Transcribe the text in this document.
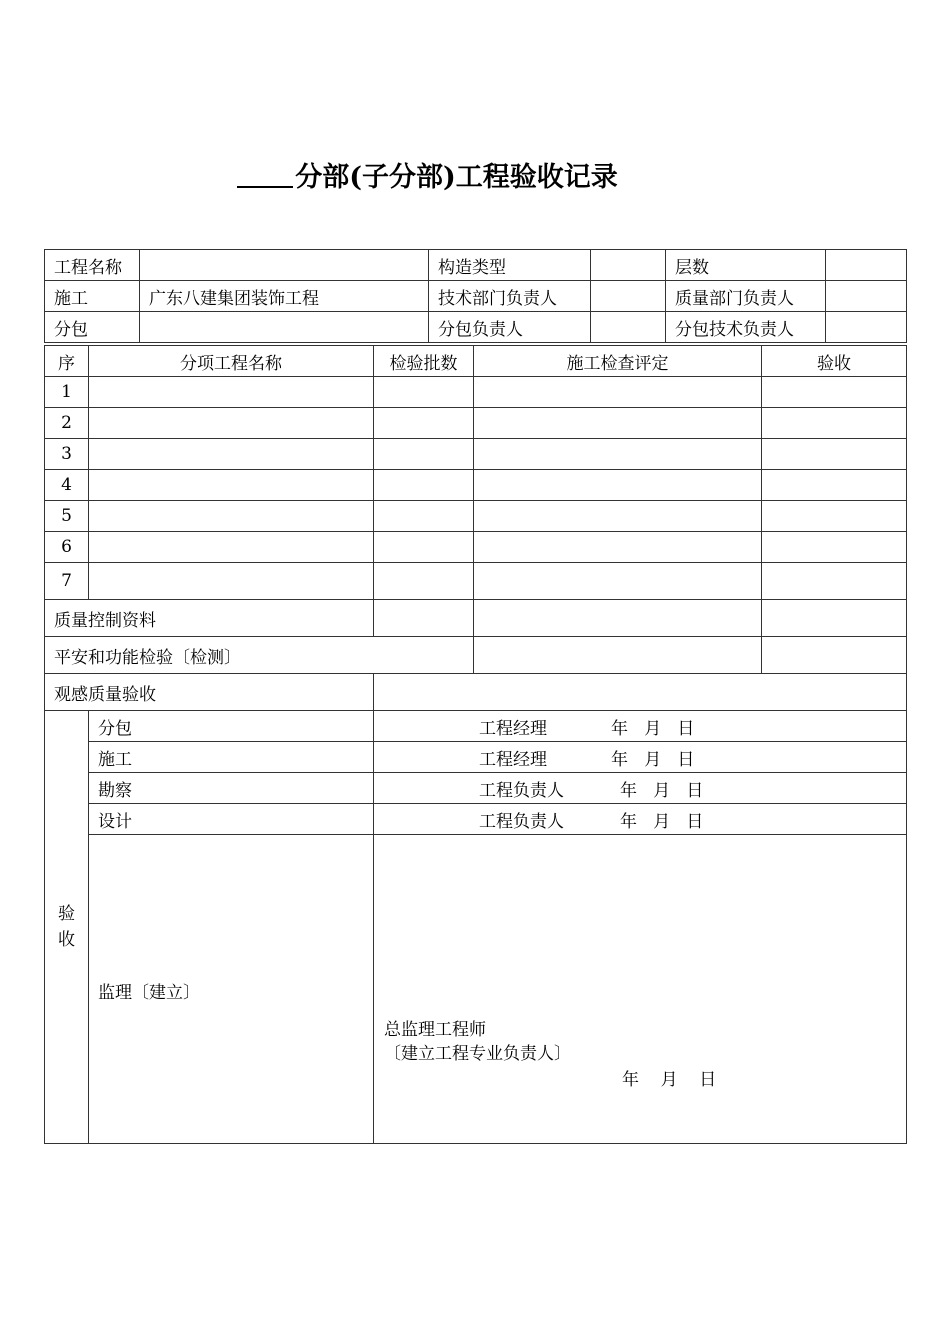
分部(子分部)工程验收记录
工程名称		构造类型		层数	
施工	广东八建集团装饰工程	技术部门负责人		质量部门负责人	
分包		分包负责人		分包技术负责人	
序	分项工程名称	检验批数	施工检查评定	验收
1				
2				
3				
4				
5				
6				
7				
质量控制资料				
平安和功能检验〔检测〕				
观感质量验收				

验
收	分包	工程经理 年   月   日		
	施工	工程经理 年   月   日		
	勘察	工程负责人 年   月   日		
	设计	工程负责人 年   月   日		
	监理〔建立〕	总监理工程师
〔建立工程专业负责人〕
年    月    日		
